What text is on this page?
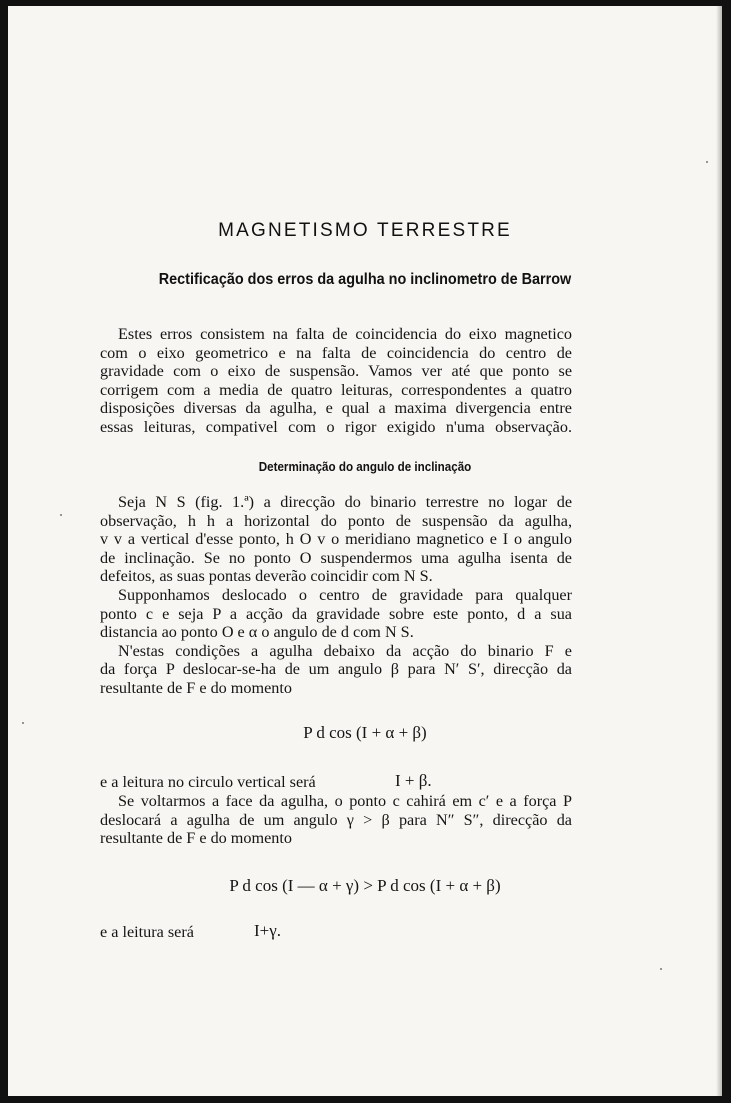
MAGNETISMO TERRESTRE
Rectificação dos erros da agulha no inclinometro de Barrow
Estes erros consistem na falta de coincidencia do eixo magnetico
com o eixo geometrico e na falta de coincidencia do centro de
gravidade com o eixo de suspensão. Vamos ver até que ponto se
corrigem com a media de quatro leituras, correspondentes a quatro
disposições diversas da agulha, e qual a maxima divergencia entre
essas leituras, compativel com o rigor exigido n'uma observação.
Determinação do angulo de inclinação
Seja N S (fig. 1.ª) a direcção do binario terrestre no logar de
observação, h h a horizontal do ponto de suspensão da agulha,
v v a vertical d'esse ponto, h O v o meridiano magnetico e I o angulo
de inclinação. Se no ponto O suspendermos uma agulha isenta de
defeitos, as suas pontas deverão coincidir com N S.
Supponhamos deslocado o centro de gravidade para qualquer
ponto c e seja P a acção da gravidade sobre este ponto, d a sua
distancia ao ponto O e α o angulo de d com N S.
N'estas condições a agulha debaixo da acção do binario F e
da força P deslocar-se-ha de um angulo β para N′ S′, direcção da
resultante de F e do momento
P d cos (I + α + β)
e a leitura no circulo vertical será	I + β.
Se voltarmos a face da agulha, o ponto c cahirá em c′ e a força P
deslocará a agulha de um angulo γ > β para N″ S″, direcção da
resultante de F e do momento
P d cos (I — α + γ) > P d cos (I + α + β)
e a leitura será	I+γ.
